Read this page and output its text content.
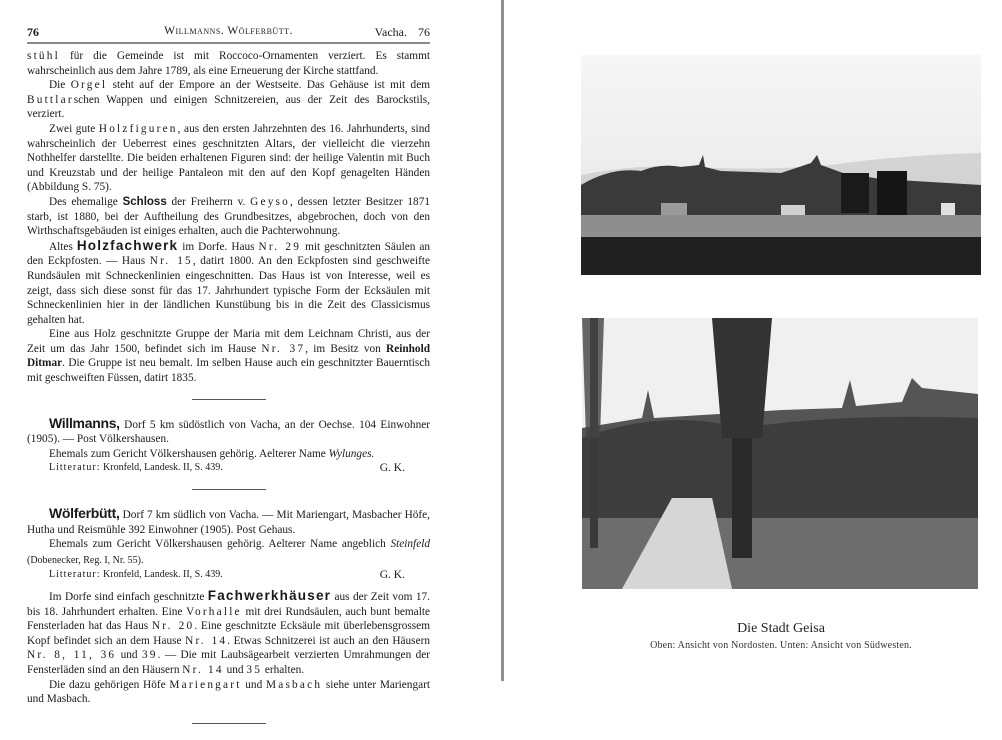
76	Willmanns. Wölferbütt.	Vacha. 76

stühl für die Gemeinde ist mit Roccoco-Ornamenten verziert. Es stammt wahrscheinlich aus dem Jahre 1789, als eine Erneuerung der Kirche stattfand.

Die Orgel steht auf der Empore an der Westseite. Das Gehäuse ist mit dem Buttlarschen Wappen und einigen Schnitzereien, aus der Zeit des Barockstils, verziert.

Zwei gute Holzfiguren, aus den ersten Jahrzehnten des 16. Jahrhunderts, sind wahrscheinlich der Ueberrest eines geschnitzten Altars, der vielleicht die vierzehn Nothhelfer darstellte. Die beiden erhaltenen Figuren sind: der heilige Valentin mit Buch und Kreuzstab und der heilige Pantaleon mit den auf den Kopf genagelten Händen (Abbildung S. 75).

Des ehemalige Schloss der Freiherrn v. Geyso, dessen letzter Besitzer 1871 starb, ist 1880, bei der Auftheilung des Grundbesitzes, abgebrochen, doch von den Wirthschaftsgebäuden ist einiges erhalten, auch die Pachterwohnung.

Altes Holzfachwerk im Dorfe. Haus Nr. 29 mit geschnitzten Säulen an den Eckpfosten. — Haus Nr. 15, datirt 1800. An den Eckpfosten sind geschweifte Rundsäulen mit Schneckenlinien eingeschnitten. Das Haus ist von Interesse, weil es zeigt, dass sich diese sonst für das 17. Jahrhundert typische Form der Ecksäulen mit Schneckenlinien hier in der ländlichen Kunstübung bis in die Zeit des Classicismus gehalten hat.

Eine aus Holz geschnitzte Gruppe der Maria mit dem Leichnam Christi, aus der Zeit um das Jahr 1500, befindet sich im Hause Nr. 37, im Besitz von Reinhold Ditmar. Die Gruppe ist neu bemalt. Im selben Hause auch ein geschnitzter Bauerntisch mit geschweiften Füssen, datirt 1835.

Willmanns, Dorf 5 km südöstlich von Vacha, an der Oechse. 104 Einwohner (1905). — Post Völkershausen.

Ehemals zum Gericht Völkershausen gehörig. Aelterer Name Wylunges.

Litteratur: Kronfeld, Landesk. II, S. 439.	G. K.

Wölferbütt, Dorf 7 km südlich von Vacha. — Mit Mariengart, Masbacher Höfe, Hutha und Reismühle 392 Einwohner (1905). Post Gehaus.

Ehemals zum Gericht Völkershausen gehörig. Aelterer Name angeblich Steinfeld (Dobenecker, Reg. I, Nr. 55).

Litteratur: Kronfeld, Landesk. II, S. 439.	G. K.

Im Dorfe sind einfach geschnitzte Fachwerkhäuser aus der Zeit vom 17. bis 18. Jahrhundert erhalten. Eine Vorhalle mit drei Rundsäulen, auch bunt bemalte Fensterladen hat das Haus Nr. 20. Eine geschnitzte Ecksäule mit überlebensgrossem Kopf befindet sich an dem Hause Nr. 14. Etwas Schnitzerei ist auch an den Häusern Nr. 8, 11, 36 und 39. — Die mit Laubsägearbeit verzierten Umrahmungen der Fensterläden sind an den Häusern Nr. 14 und 35 erhalten.

Die dazu gehörigen Höfe Mariengart und Masbach siehe unter Mariengart und Masbach.

Die Stadt Geisa
Oben: Ansicht von Nordosten. Unten: Ansicht von Südwesten.
